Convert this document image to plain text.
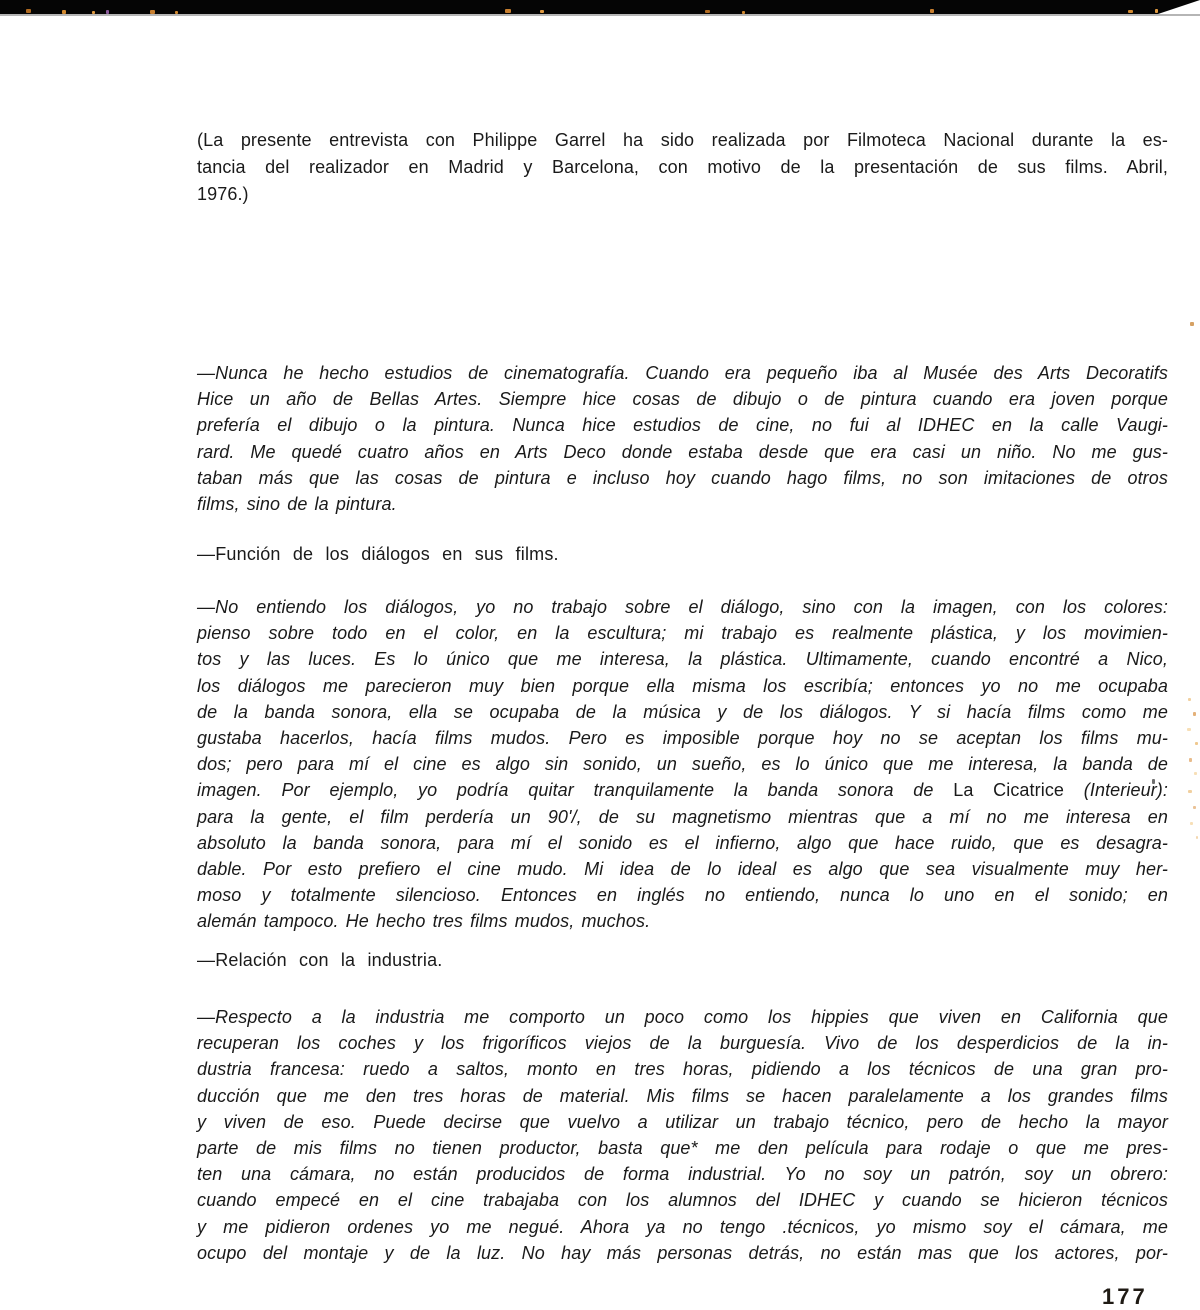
(La presente entrevista con Philippe Garrel ha sido realizada por Filmoteca Nacional durante la es-
tancia del realizador en Madrid y Barcelona, con motivo de la presentación de sus films. Abril,
1976.)
—Nunca he hecho estudios de cinematografía. Cuando era pequeño iba al Musée des Arts Decoratifs
Hice un año de Bellas Artes. Siempre hice cosas de dibujo o de pintura cuando era joven porque
prefería el dibujo o la pintura. Nunca hice estudios de cine, no fui al IDHEC en la calle Vaugi-
rard. Me quedé cuatro años en Arts Deco donde estaba desde que era casi un niño. No me gus-
taban más que las cosas de pintura e incluso hoy cuando hago films, no son imitaciones de otros
films, sino de la pintura.
—Función de los diálogos en sus films.
—No entiendo los diálogos, yo no trabajo sobre el diálogo, sino con la imagen, con los colores:
pienso sobre todo en el color, en la escultura; mi trabajo es realmente plástica, y los movimien-
tos y las luces. Es lo único que me interesa, la plástica. Ultimamente, cuando encontré a Nico,
los diálogos me parecieron muy bien porque ella misma los escribía; entonces yo no me ocupaba
de la banda sonora, ella se ocupaba de la música y de los diálogos. Y si hacía films como me
gustaba hacerlos, hacía films mudos. Pero es imposible porque hoy no se aceptan los films mu-
dos; pero para mí el cine es algo sin sonido, un sueño, es lo único que me interesa, la banda de
imagen. Por ejemplo, yo podría quitar tranquilamente la banda sonora de La Cicatrice (Interieur):
para la gente, el film perdería un 90'/, de su magnetismo mientras que a mí no me interesa en
absoluto la banda sonora, para mí el sonido es el infierno, algo que hace ruido, que es desagra-
dable. Por esto prefiero el cine mudo. Mi idea de lo ideal es algo que sea visualmente muy her-
moso y totalmente silencioso. Entonces en inglés no entiendo, nunca lo uno en el sonido; en
alemán tampoco. He hecho tres films mudos, muchos.
—Relación con la industria.
—Respecto a la industria me comporto un poco como los hippies que viven en California que
recuperan los coches y los frigoríficos viejos de la burguesía. Vivo de los desperdicios de la in-
dustria francesa: ruedo a saltos, monto en tres horas, pidiendo a los técnicos de una gran pro-
ducción que me den tres horas de material. Mis films se hacen paralelamente a los grandes films
y viven de eso. Puede decirse que vuelvo a utilizar un trabajo técnico, pero de hecho la mayor
parte de mis films no tienen productor, basta que* me den película para rodaje o que me pres-
ten una cámara, no están producidos de forma industrial. Yo no soy un patrón, soy un obrero:
cuando empecé en el cine trabajaba con los alumnos del IDHEC y cuando se hicieron técnicos
y me pidieron ordenes yo me negué. Ahora ya no tengo .técnicos, yo mismo soy el cámara, me
ocupo del montaje y de la luz. No hay más personas detrás, no están mas que los actores, por-
177
